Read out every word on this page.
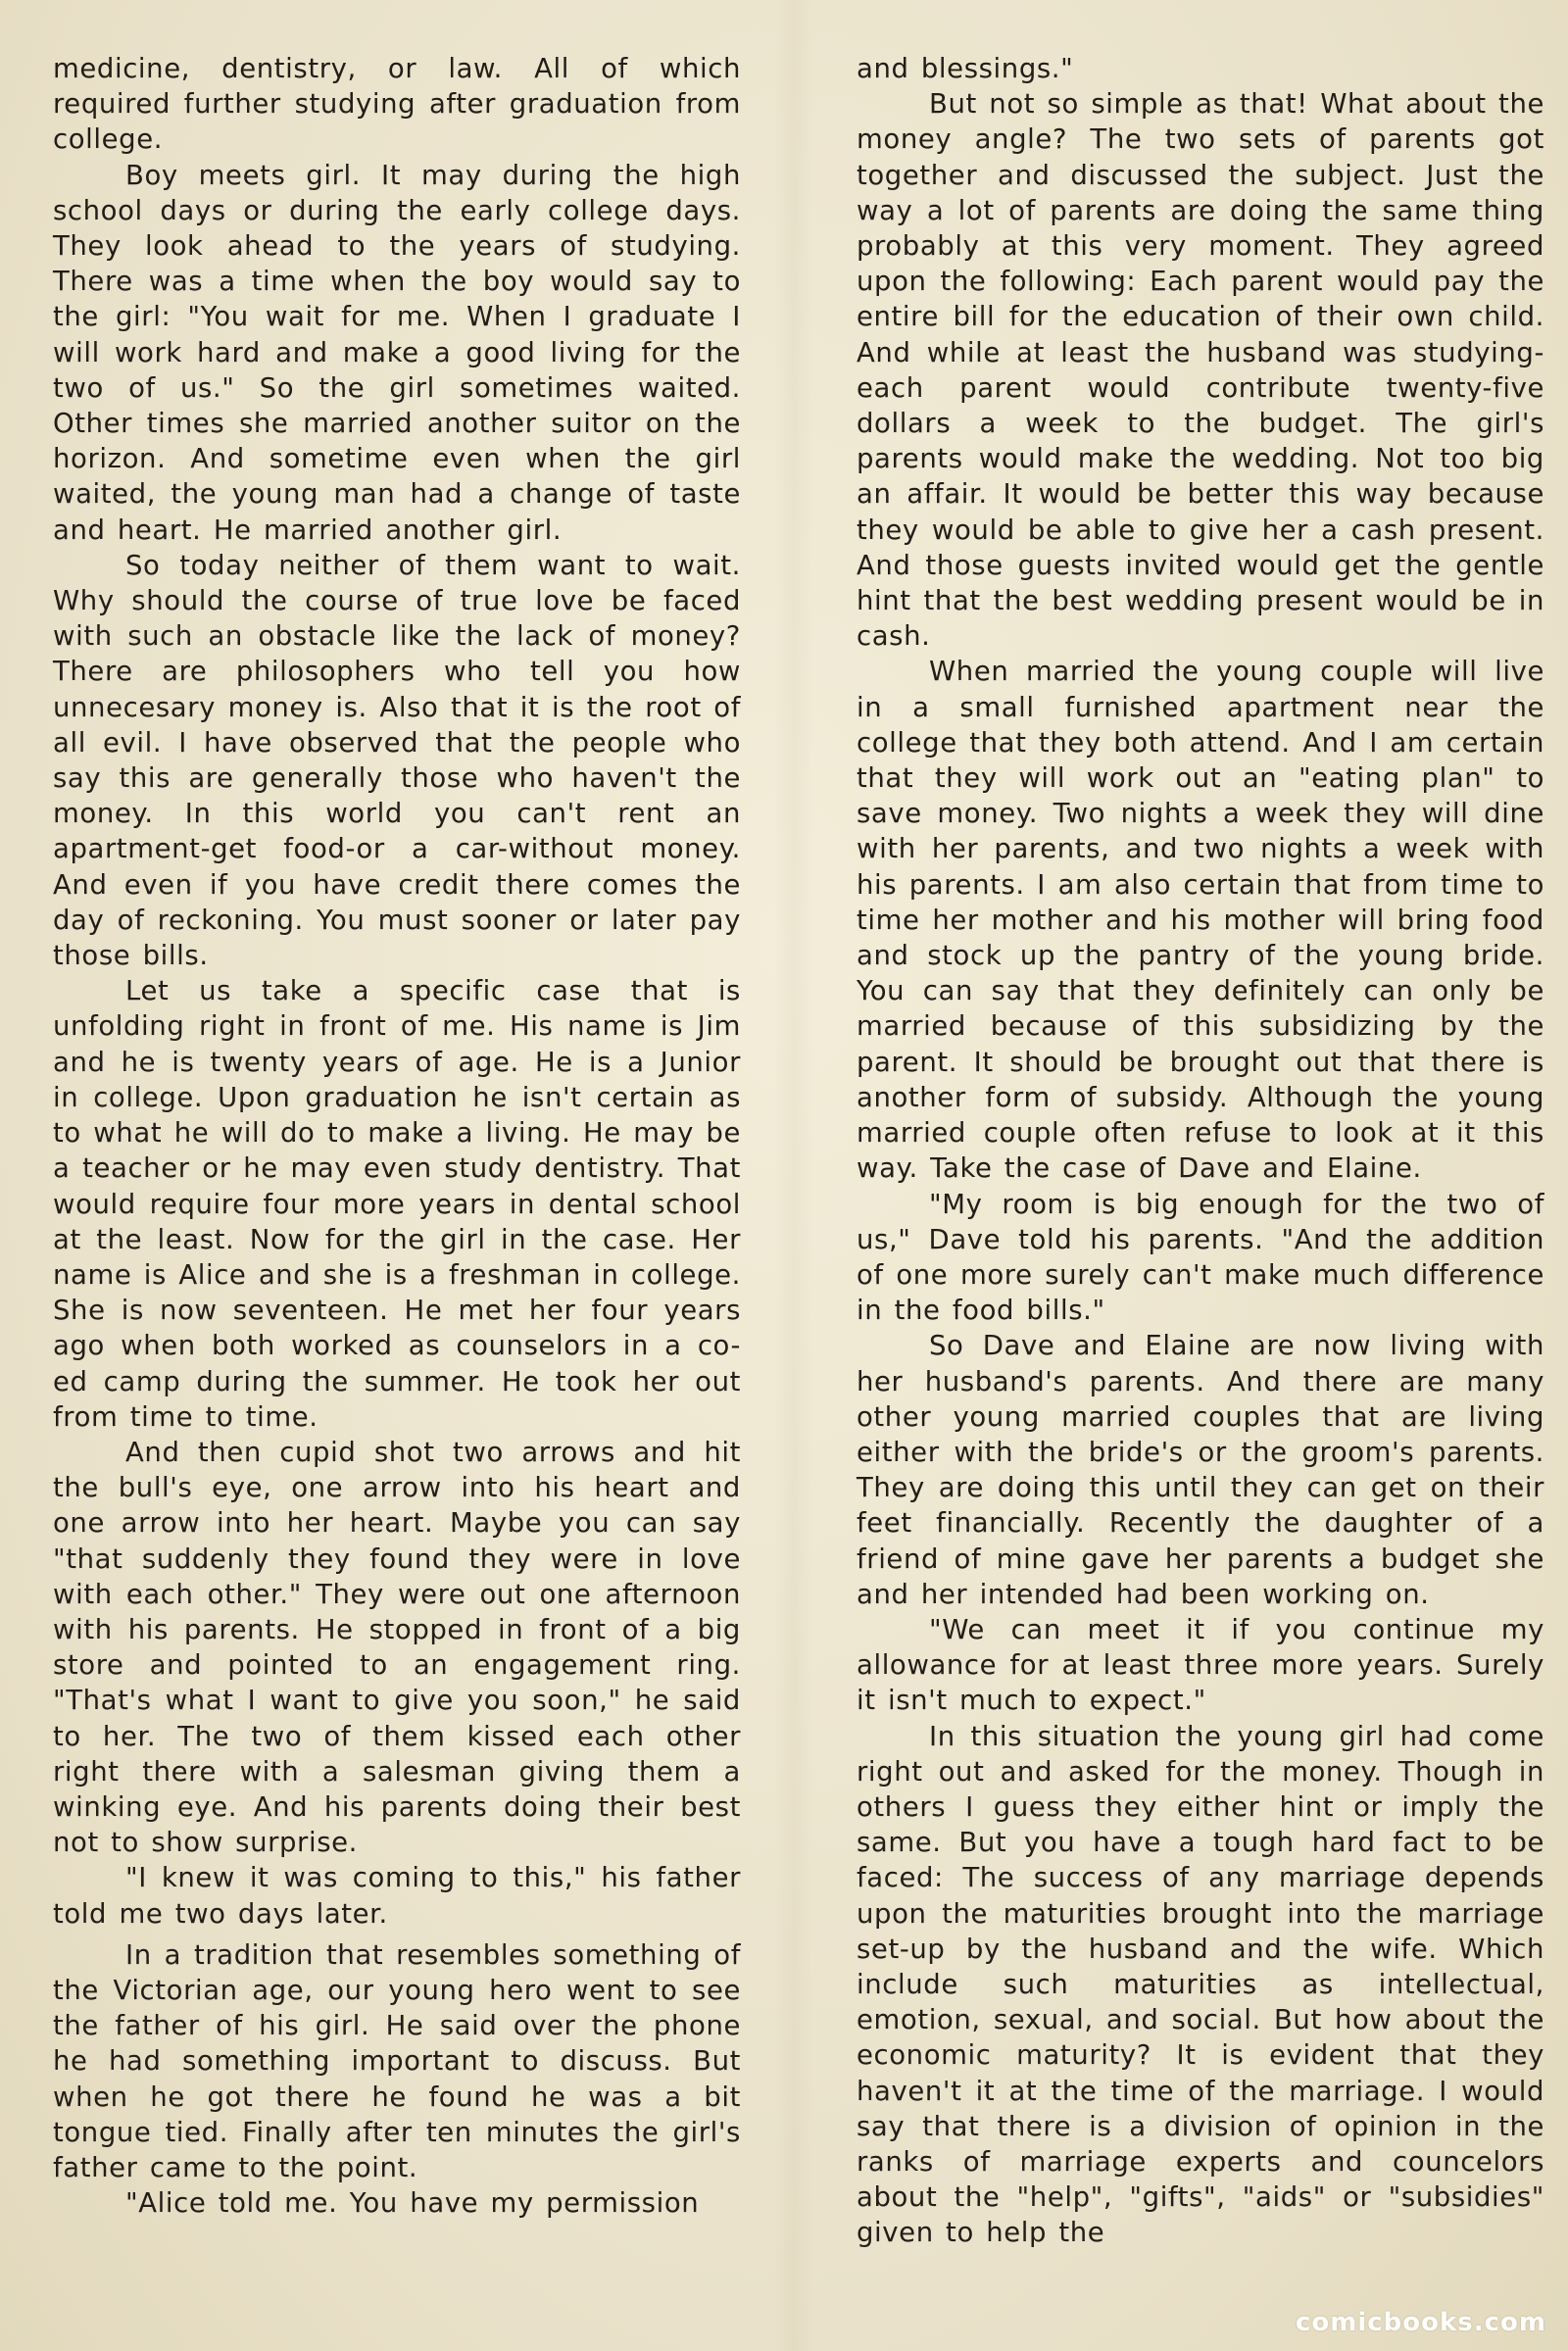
medicine, dentistry, or law. All of which required further studying after graduation from college.

Boy meets girl. It may during the high school days or during the early college days. They look ahead to the years of studying. There was a time when the boy would say to the girl: "You wait for me. When I graduate I will work hard and make a good living for the two of us." So the girl sometimes waited. Other times she married another suitor on the horizon. And sometime even when the girl waited, the young man had a change of taste and heart. He married another girl.

So today neither of them want to wait. Why should the course of true love be faced with such an obstacle like the lack of money? There are philosophers who tell you how unnecesary money is. Also that it is the root of all evil. I have observed that the people who say this are generally those who haven't the money. In this world you can't rent an apartment-get food-or a car-without money. And even if you have credit there comes the day of reckoning. You must sooner or later pay those bills.

Let us take a specific case that is unfolding right in front of me. His name is Jim and he is twenty years of age. He is a Junior in college. Upon graduation he isn't certain as to what he will do to make a living. He may be a teacher or he may even study dentistry. That would require four more years in dental school at the least. Now for the girl in the case. Her name is Alice and she is a freshman in college. She is now seventeen. He met her four years ago when both worked as counselors in a co-ed camp during the summer. He took her out from time to time.

And then cupid shot two arrows and hit the bull's eye, one arrow into his heart and one arrow into her heart. Maybe you can say "that suddenly they found they were in love with each other." They were out one afternoon with his parents. He stopped in front of a big store and pointed to an engagement ring. "That's what I want to give you soon," he said to her. The two of them kissed each other right there with a salesman giving them a winking eye. And his parents doing their best not to show surprise.

"I knew it was coming to this," his father told me two days later.

In a tradition that resembles something of the Victorian age, our young hero went to see the father of his girl. He said over the phone he had something important to discuss. But when he got there he found he was a bit tongue tied. Finally after ten minutes the girl's father came to the point.

"Alice told me. You have my permission

and blessings."

But not so simple as that! What about the money angle? The two sets of parents got together and discussed the subject. Just the way a lot of parents are doing the same thing probably at this very moment. They agreed upon the following: Each parent would pay the entire bill for the education of their own child. And while at least the husband was studying-each parent would contribute twenty-five dollars a week to the budget. The girl's parents would make the wedding. Not too big an affair. It would be better this way because they would be able to give her a cash present. And those guests invited would get the gentle hint that the best wedding present would be in cash.

When married the young couple will live in a small furnished apartment near the college that they both attend. And I am certain that they will work out an "eating plan" to save money. Two nights a week they will dine with her parents, and two nights a week with his parents. I am also certain that from time to time her mother and his mother will bring food and stock up the pantry of the young bride. You can say that they definitely can only be married because of this subsidizing by the parent. It should be brought out that there is another form of subsidy. Although the young married couple often refuse to look at it this way. Take the case of Dave and Elaine.

"My room is big enough for the two of us," Dave told his parents. "And the addition of one more surely can't make much difference in the food bills."

So Dave and Elaine are now living with her husband's parents. And there are many other young married couples that are living either with the bride's or the groom's parents. They are doing this until they can get on their feet financially. Recently the daughter of a friend of mine gave her parents a budget she and her intended had been working on.

"We can meet it if you continue my allowance for at least three more years. Surely it isn't much to expect."

In this situation the young girl had come right out and asked for the money. Though in others I guess they either hint or imply the same. But you have a tough hard fact to be faced: The success of any marriage depends upon the maturities brought into the marriage set-up by the husband and the wife. Which include such maturities as intellectual, emotion, sexual, and social. But how about the economic maturity? It is evident that they haven't it at the time of the marriage. I would say that there is a division of opinion in the ranks of marriage experts and councelors about the "help", "gifts", "aids" or "subsidies" given to help the

comicbooks.com
